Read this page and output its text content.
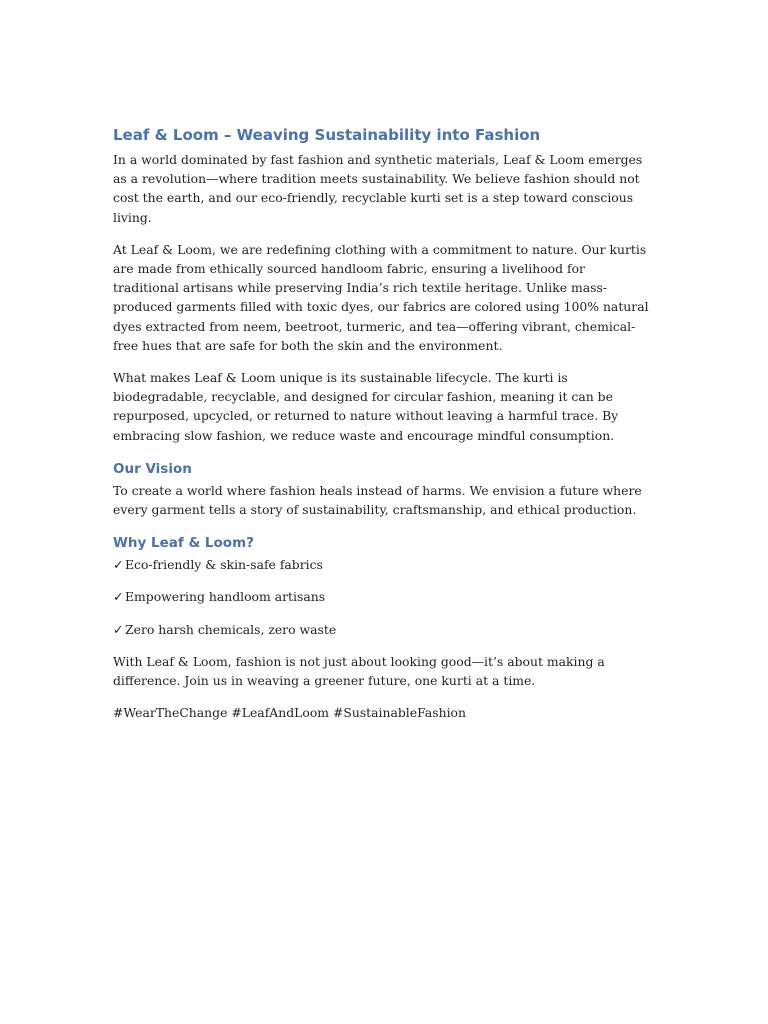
Leaf & Loom – Weaving Sustainability into Fashion

In a world dominated by fast fashion and synthetic materials, Leaf & Loom emerges as a revolution—where tradition meets sustainability. We believe fashion should not cost the earth, and our eco-friendly, recyclable kurti set is a step toward conscious living.

At Leaf & Loom, we are redefining clothing with a commitment to nature. Our kurtis are made from ethically sourced handloom fabric, ensuring a livelihood for traditional artisans while preserving India’s rich textile heritage. Unlike mass-produced garments filled with toxic dyes, our fabrics are colored using 100% natural dyes extracted from neem, beetroot, turmeric, and tea—offering vibrant, chemical-free hues that are safe for both the skin and the environment.

What makes Leaf & Loom unique is its sustainable lifecycle. The kurti is biodegradable, recyclable, and designed for circular fashion, meaning it can be repurposed, upcycled, or returned to nature without leaving a harmful trace. By embracing slow fashion, we reduce waste and encourage mindful consumption.

Our Vision

To create a world where fashion heals instead of harms. We envision a future where every garment tells a story of sustainability, craftsmanship, and ethical production.

Why Leaf & Loom?
✓ Eco-friendly & skin-safe fabrics
✓ Empowering handloom artisans
✓ Zero harsh chemicals, zero waste

With Leaf & Loom, fashion is not just about looking good—it’s about making a difference. Join us in weaving a greener future, one kurti at a time.

#WearTheChange #LeafAndLoom #SustainableFashion
